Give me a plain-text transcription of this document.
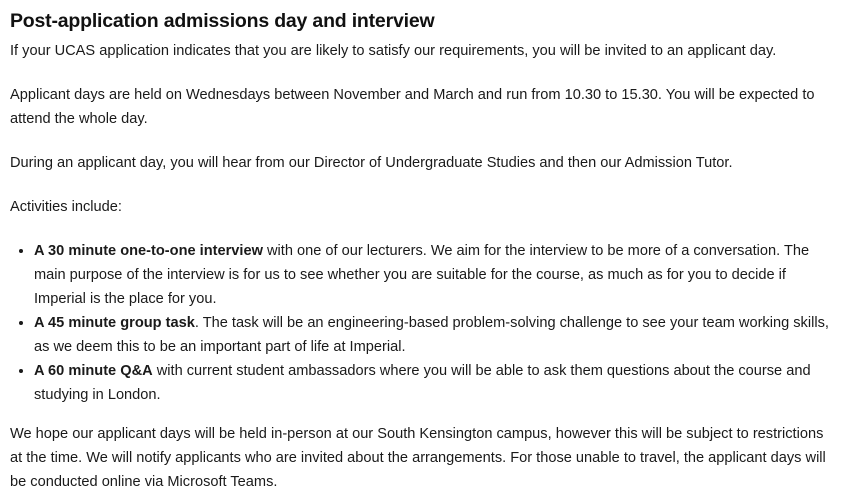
Post-application admissions day and interview

If your UCAS application indicates that you are likely to satisfy our requirements, you will be invited to an applicant day.

Applicant days are held on Wednesdays between November and March and run from 10.30 to 15.30. You will be expected to attend the whole day.

During an applicant day, you will hear from our Director of Undergraduate Studies and then our Admission Tutor.

Activities include:

• A 30 minute one-to-one interview with one of our lecturers. We aim for the interview to be more of a conversation. The main purpose of the interview is for us to see whether you are suitable for the course, as much as for you to decide if Imperial is the place for you.
• A 45 minute group task. The task will be an engineering-based problem-solving challenge to see your team working skills, as we deem this to be an important part of life at Imperial.
• A 60 minute Q&A with current student ambassadors where you will be able to ask them questions about the course and studying in London.

We hope our applicant days will be held in-person at our South Kensington campus, however this will be subject to restrictions at the time. We will notify applicants who are invited about the arrangements. For those unable to travel, the applicant days will be conducted online via Microsoft Teams.
